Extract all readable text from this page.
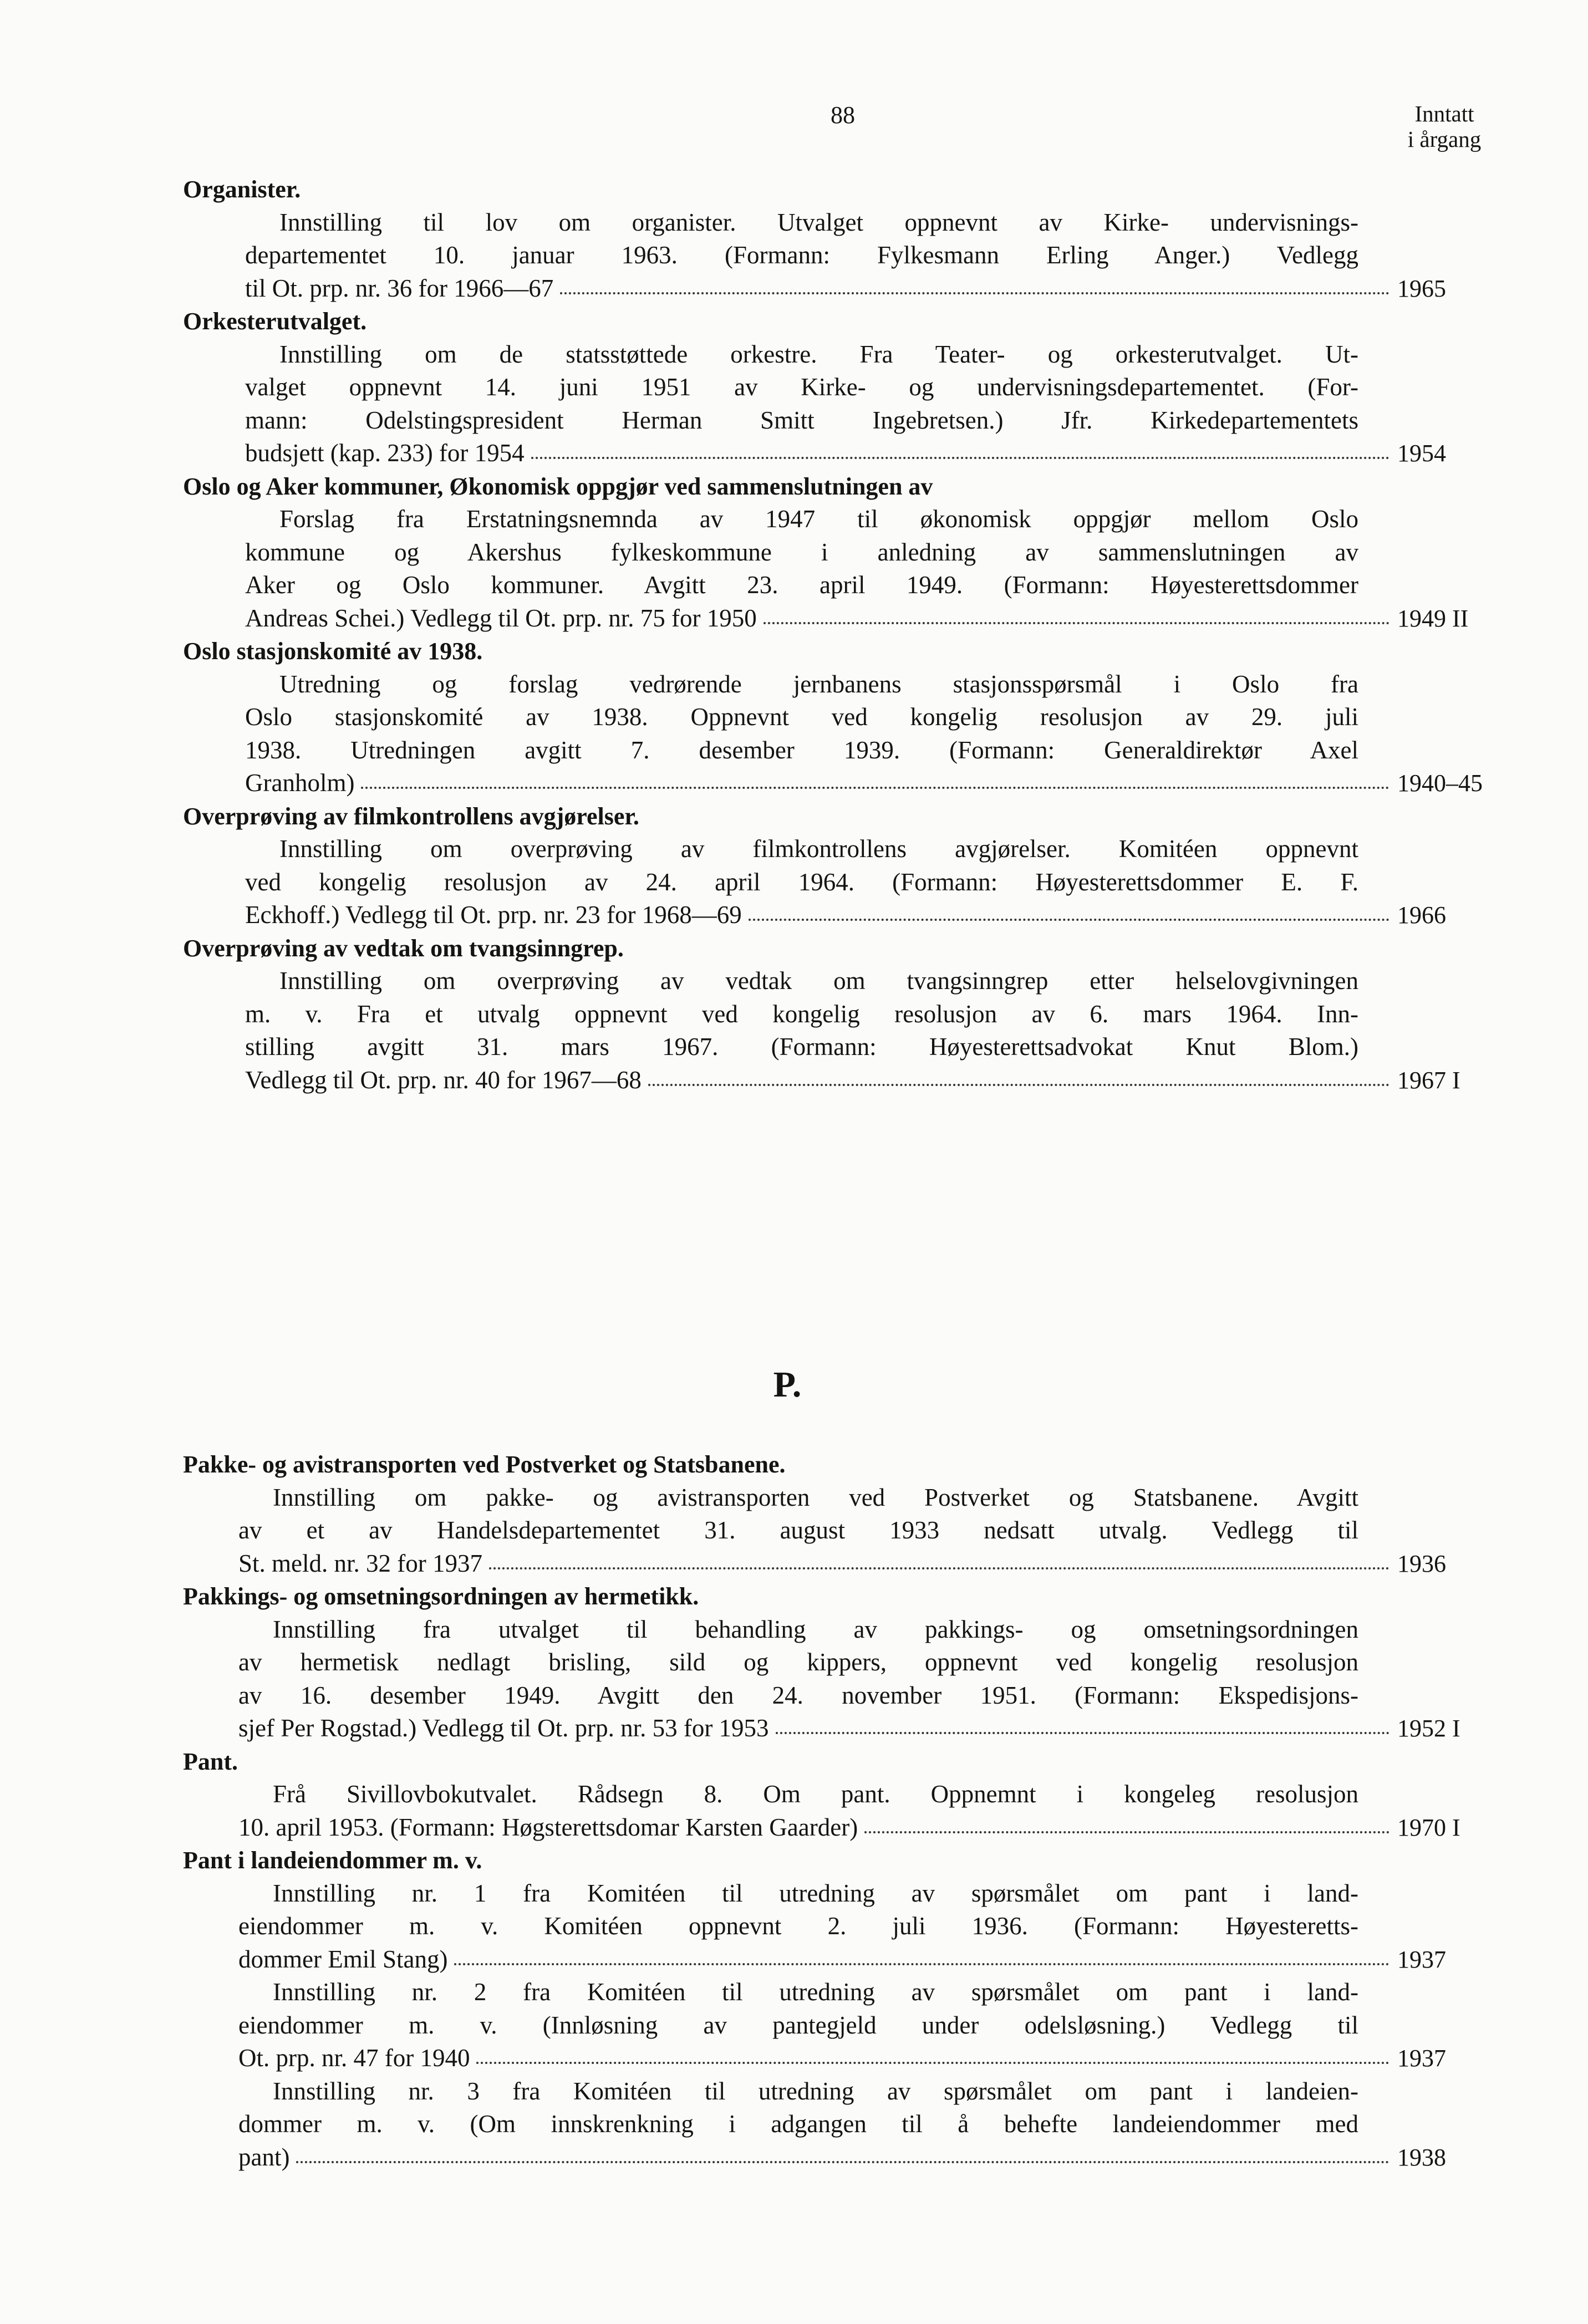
88	Inntatt
i årgang
Organister.
Innstilling til lov om organister. Utvalget oppnevnt av Kirke- undervisnings-
departementet 10. januar 1963. (Formann: Fylkesmann Erling Anger.) Vedlegg
til Ot. prp. nr. 36 for 1966—67	1965
Orkesterutvalget.
Innstilling om de statsstøttede orkestre. Fra Teater- og orkesterutvalget. Ut-
valget oppnevnt 14. juni 1951 av Kirke- og undervisningsdepartementet. (For-
mann: Odelstingspresident Herman Smitt Ingebretsen.) Jfr. Kirkedepartementets
budsjett (kap. 233) for 1954	1954
Oslo og Aker kommuner, Økonomisk oppgjør ved sammenslutningen av
Forslag fra Erstatningsnemnda av 1947 til økonomisk oppgjør mellom Oslo
kommune og Akershus fylkeskommune i anledning av sammenslutningen av
Aker og Oslo kommuner. Avgitt 23. april 1949. (Formann: Høyesterettsdommer
Andreas Schei.) Vedlegg til Ot. prp. nr. 75 for 1950	1949 II
Oslo stasjonskomité av 1938.
Utredning og forslag vedrørende jernbanens stasjonsspørsmål i Oslo fra
Oslo stasjonskomité av 1938. Oppnevnt ved kongelig resolusjon av 29. juli
1938. Utredningen avgitt 7. desember 1939. (Formann: Generaldirektør Axel
Granholm)	1940–45
Overprøving av filmkontrollens avgjørelser.
Innstilling om overprøving av filmkontrollens avgjørelser. Komitéen oppnevnt
ved kongelig resolusjon av 24. april 1964. (Formann: Høyesterettsdommer E. F.
Eckhoff.) Vedlegg til Ot. prp. nr. 23 for 1968—69	1966
Overprøving av vedtak om tvangsinngrep.
Innstilling om overprøving av vedtak om tvangsinngrep etter helselovgivningen
m. v. Fra et utvalg oppnevnt ved kongelig resolusjon av 6. mars 1964. Inn-
stilling avgitt 31. mars 1967. (Formann: Høyesterettsadvokat Knut Blom.)
Vedlegg til Ot. prp. nr. 40 for 1967—68	1967 I
P.
Pakke- og avistransporten ved Postverket og Statsbanene.
Innstilling om pakke- og avistransporten ved Postverket og Statsbanene. Avgitt
av et av Handelsdepartementet 31. august 1933 nedsatt utvalg. Vedlegg til
St. meld. nr. 32 for 1937	1936
Pakkings- og omsetningsordningen av hermetikk.
Innstilling fra utvalget til behandling av pakkings- og omsetningsordningen
av hermetisk nedlagt brisling, sild og kippers, oppnevnt ved kongelig resolusjon
av 16. desember 1949. Avgitt den 24. november 1951. (Formann: Ekspedisjons-
sjef Per Rogstad.) Vedlegg til Ot. prp. nr. 53 for 1953	1952 I
Pant.
Frå Sivillovbokutvalet. Rådsegn 8. Om pant. Oppnemnt i kongeleg resolusjon
10. april 1953. (Formann: Høgsterettsdomar Karsten Gaarder)	1970 I
Pant i landeiendommer m. v.
Innstilling nr. 1 fra Komitéen til utredning av spørsmålet om pant i land-
eiendommer m. v. Komitéen oppnevnt 2. juli 1936. (Formann: Høyesteretts-
dommer Emil Stang)	1937
Innstilling nr. 2 fra Komitéen til utredning av spørsmålet om pant i land-
eiendommer m. v. (Innløsning av pantegjeld under odelsløsning.) Vedlegg til
Ot. prp. nr. 47 for 1940	1937
Innstilling nr. 3 fra Komitéen til utredning av spørsmålet om pant i landeien-
dommer m. v. (Om innskrenkning i adgangen til å behefte landeiendommer med
pant)	1938
